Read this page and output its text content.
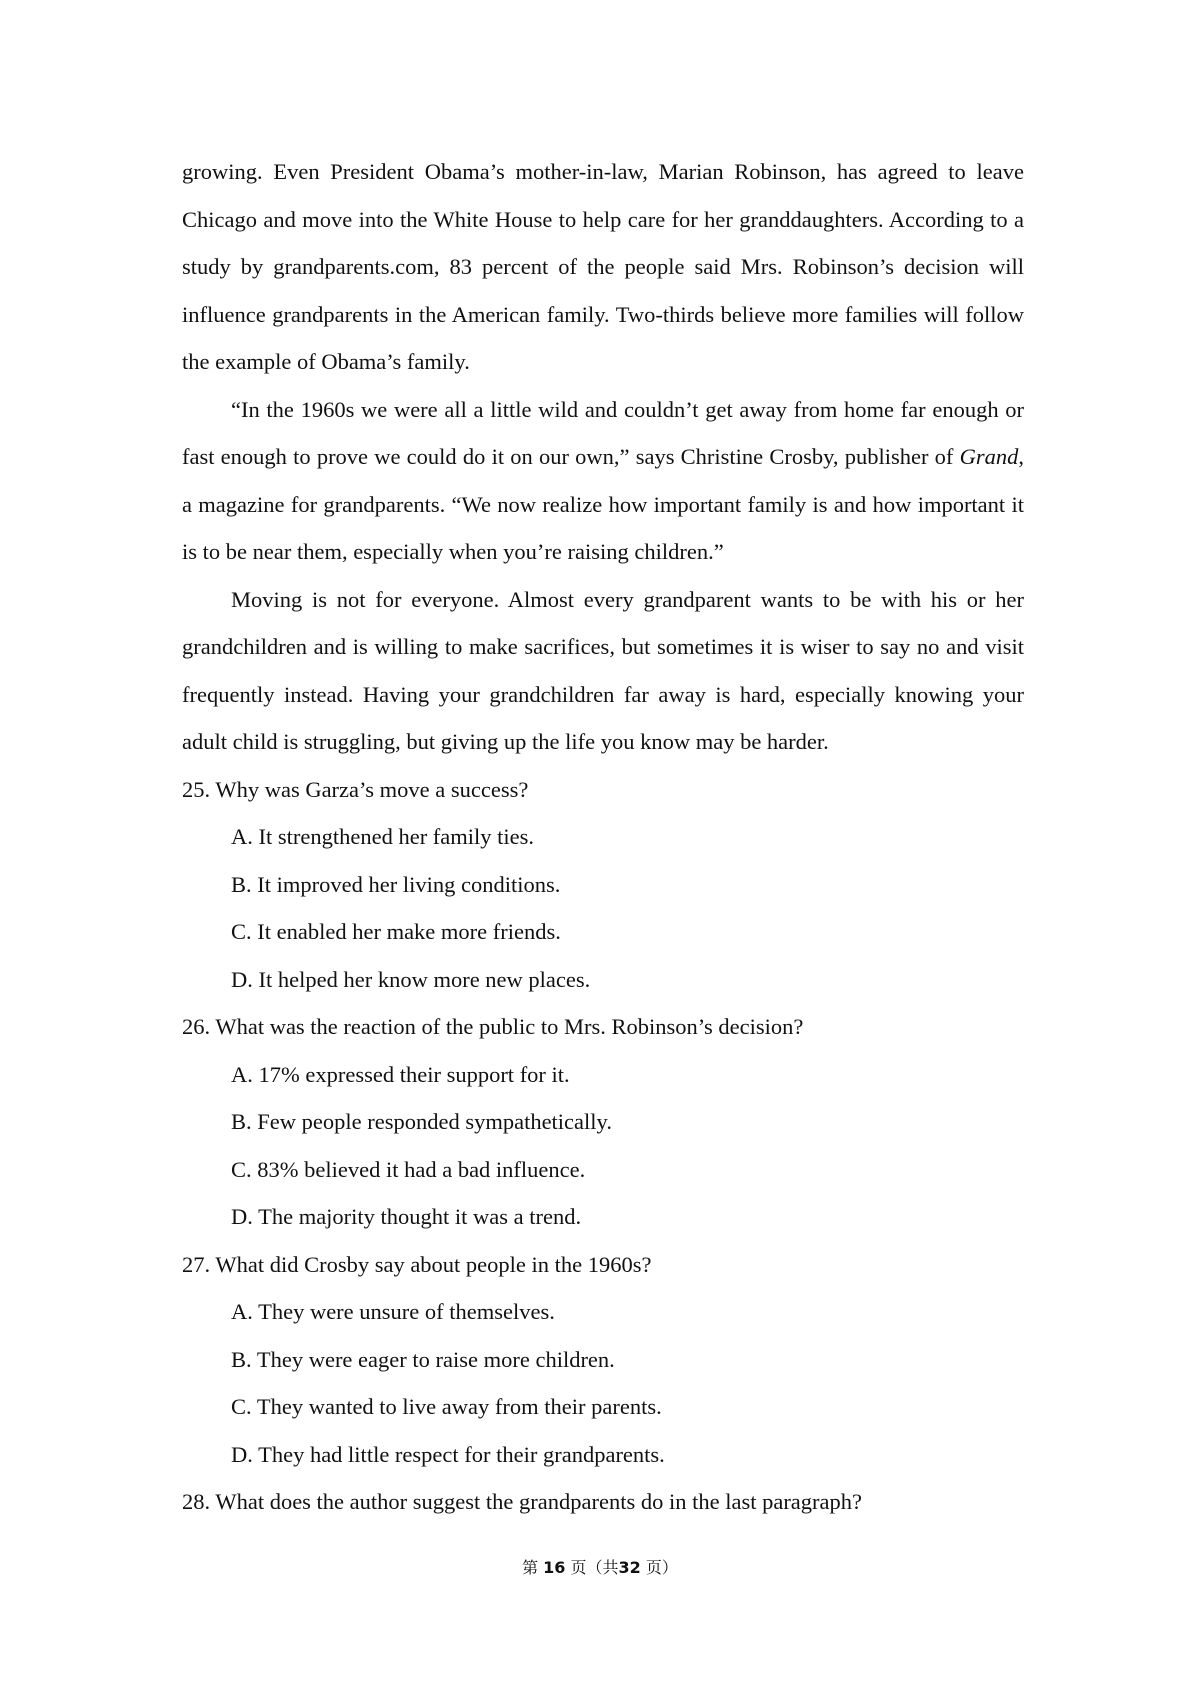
growing. Even President Obama’s mother-in-law, Marian Robinson, has agreed to leave Chicago and move into the White House to help care for her granddaughters. According to a study by grandparents.com, 83 percent of the people said Mrs. Robinson’s decision will influence grandparents in the American family. Two-thirds believe more families will follow the example of Obama’s family.

“In the 1960s we were all a little wild and couldn’t get away from home far enough or fast enough to prove we could do it on our own,” says Christine Crosby, publisher of Grand, a magazine for grandparents. “We now realize how important family is and how important it is to be near them, especially when you’re raising children.”

Moving is not for everyone. Almost every grandparent wants to be with his or her grandchildren and is willing to make sacrifices, but sometimes it is wiser to say no and visit frequently instead. Having your grandchildren far away is hard, especially knowing your adult child is struggling, but giving up the life you know may be harder.

25. Why was Garza’s move a success?

A. It strengthened her family ties.
B. It improved her living conditions.
C. It enabled her make more friends.
D. It helped her know more new places.

26. What was the reaction of the public to Mrs. Robinson’s decision?

A. 17% expressed their support for it.
B. Few people responded sympathetically.
C. 83% believed it had a bad influence.
D. The majority thought it was a trend.

27. What did Crosby say about people in the 1960s?

A. They were unsure of themselves.
B. They were eager to raise more children.
C. They wanted to live away from their parents.
D. They had little respect for their grandparents.

28. What does the author suggest the grandparents do in the last paragraph?

第 16 页（共32 页）
